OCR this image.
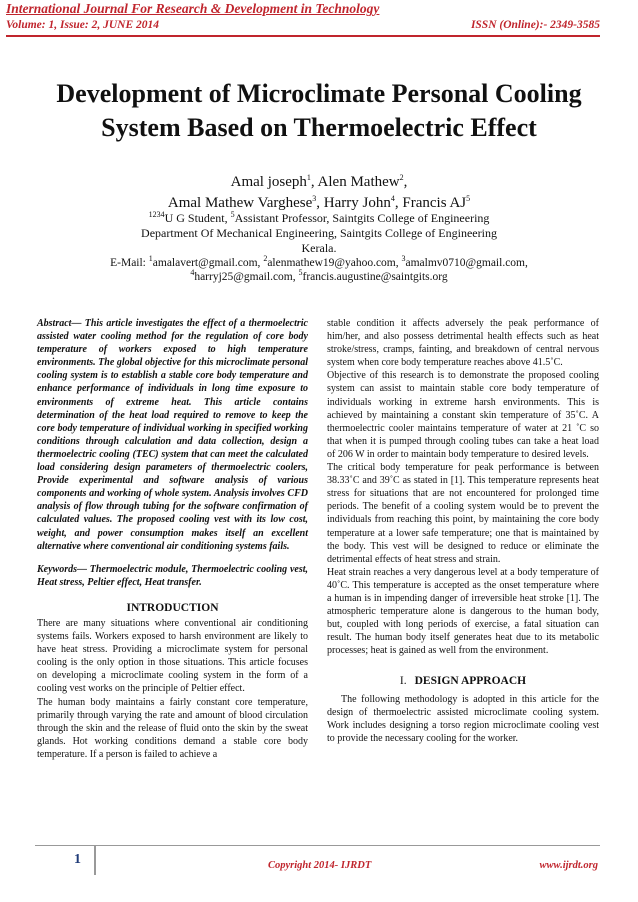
International Journal For Research & Development in Technology
Volume: 1, Issue: 2, JUNE 2014	ISSN (Online):- 2349-3585
Development of Microclimate Personal Cooling System Based on Thermoelectric Effect
Amal joseph$^1$, Alen Mathew$^2$,
Amal Mathew Varghese$^3$, Harry John$^4$, Francis $AJ^5$
$^{1234}$U G Student, $^5$Assistant Professor, Saintgits College of Engineering
Department Of Mechanical Engineering, Saintgits College of Engineering
Kerala.
E-Mail: $^1$amalavert@gmail.com, $^2$alenmathew19@yahoo.com, $^3$amalmv0710@gmail.com,
$^4$harryj25@gmail.com, $^5$francis.augustine@saintgits.org

Abstract— This article investigates the effect of a thermoelectric assisted water cooling method for the regulation of core body temperature of workers exposed to high temperature environments. The global objective for this microclimate personal cooling system is to establish a stable core body temperature and enhance performance of individuals in long time exposure to environments of extreme heat. This article contains determination of the heat load required to remove to keep the core body temperature of individual working in specified working conditions through calculation and data collection, design a thermoelectric cooling (TEC) system that can meet the calculated load considering design parameters of thermoelectric coolers, Provide experimental and software analysis of various components and working of whole system. Analysis involves CFD analysis of flow through tubing for the software confirmation of calculated values. The proposed cooling vest with its low cost, weight, and power consumption makes itself an excellent alternative where conventional air conditioning systems fails.

Keywords— Thermoelectric module, Thermoelectric cooling vest, Heat stress, Peltier effect, Heat transfer.

INTRODUCTION

There are many situations where conventional air conditioning systems fails. Workers exposed to harsh environment are likely to have heat stress. Providing a microclimate system for personal cooling is the only option in those situations. This article focuses on developing a microclimate cooling system in the form of a cooling vest works on the principle of Peltier effect.

The human body maintains a fairly constant core temperature, primarily through varying the rate and amount of blood circulation through the skin and the release of fluid onto the skin by the sweat glands. Hot working conditions demand a stable core body temperature. If a person is failed to achieve a

stable condition it affects adversely the peak performance of him/her, and also possess detrimental health effects such as heat stroke/stress, cramps, fainting, and breakdown of central nervous system when core body temperature reaches above 41.5˚C.

Objective of this research is to demonstrate the proposed cooling system can assist to maintain stable core body temperature of individuals working in extreme harsh environments. This is achieved by maintaining a constant skin temperature of 35˚C. A thermoelectric cooler maintains temperature of water at 21 ˚C so that when it is pumped through cooling tubes can take a heat load of 206 W in order to maintain body temperature to desired levels.

The critical body temperature for peak performance is between 38.33˚C and 39˚C as stated in [1]. This temperature represents heat stress for situations that are not encountered for prolonged time periods. The benefit of a cooling system would be to prevent the individuals from reaching this point, by maintaining the core body temperature at a lower safe temperature; one that is maintained by the body. This vest will be designed to reduce or eliminate the detrimental effects of heat stress and strain.

Heat strain reaches a very dangerous level at a body temperature of 40˚C. This temperature is accepted as the onset temperature where a human is in impending danger of irreversible heat stroke [1]. The atmospheric temperature alone is dangerous to the human body, but, coupled with long periods of exercise, a fatal situation can result. The human body itself generates heat due to its metabolic processes; heat is gained as well from the environment.

I. DESIGN APPROACH

The following methodology is adopted in this article for the design of thermoelectric assisted microclimate cooling system. Work includes designing a torso region microclimate cooling vest to provide the necessary cooling for the worker.

1	Copyright 2014- IJRDT	www.ijrdt.org
